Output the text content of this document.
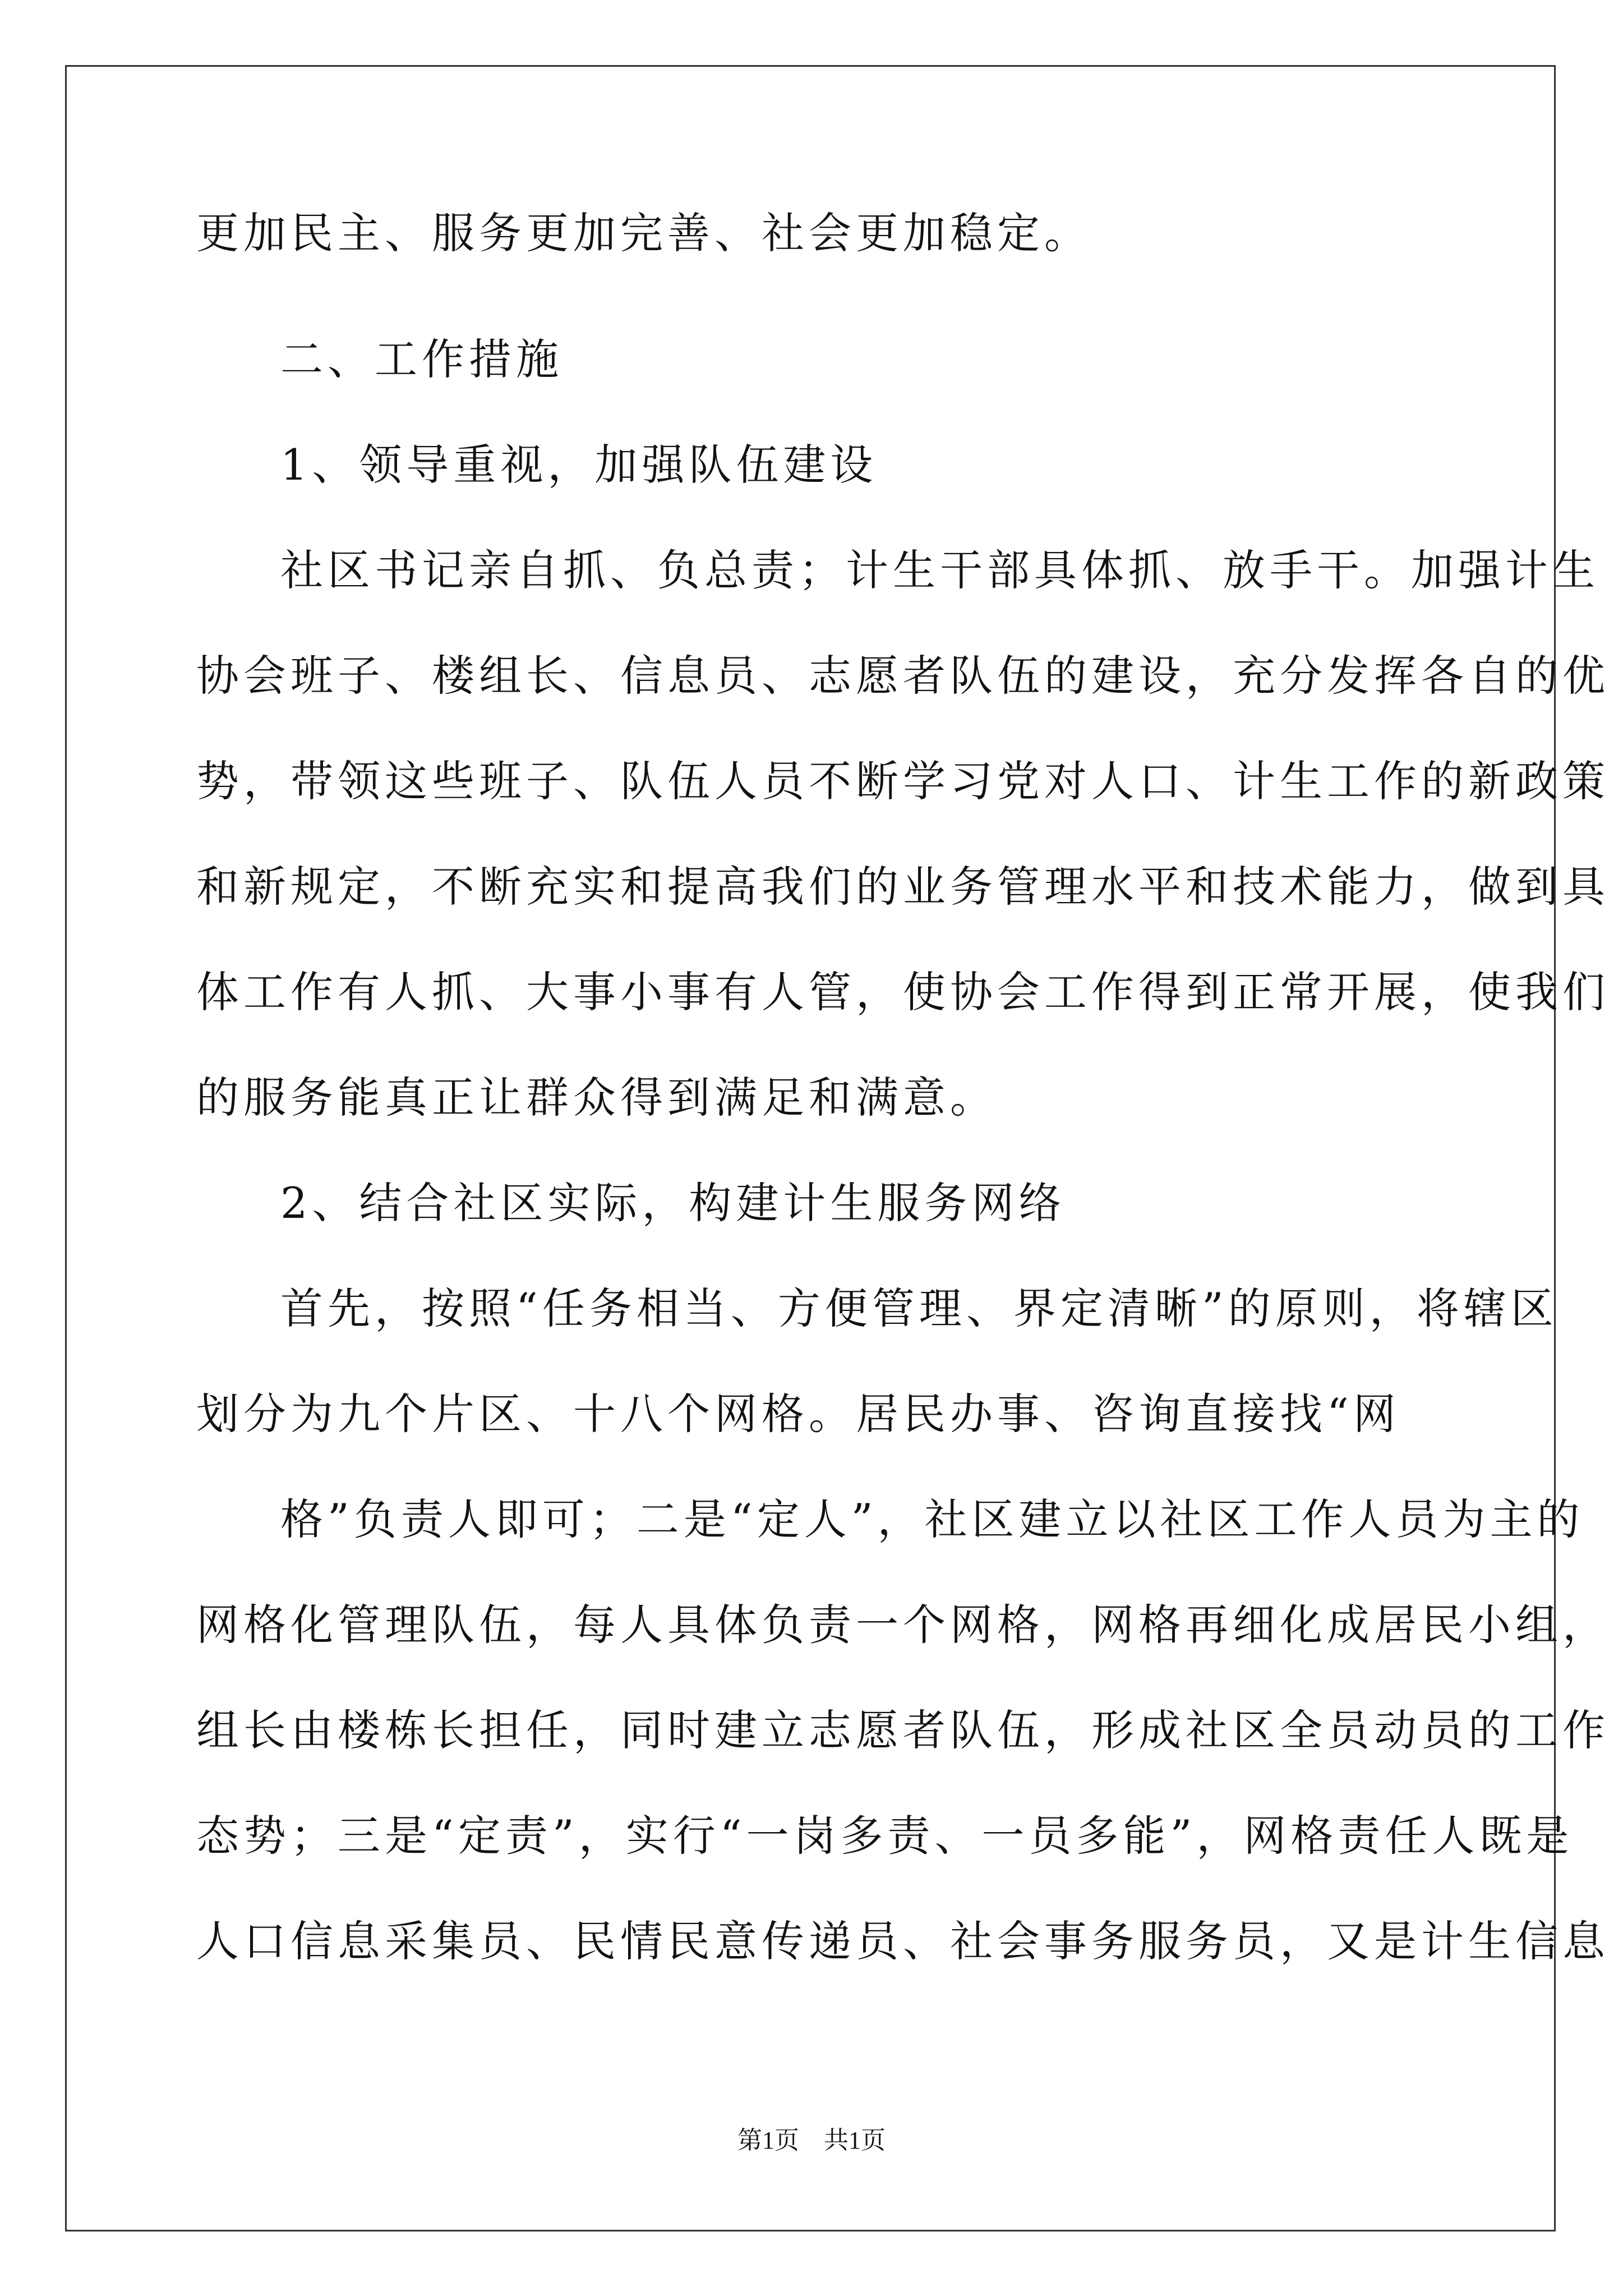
更加民主、服务更加完善、社会更加稳定。
二、工作措施
1、领导重视，加强队伍建设
社区书记亲自抓、负总责；计生干部具体抓、放手干。加强计生
协会班子、楼组长、信息员、志愿者队伍的建设，充分发挥各自的优
势，带领这些班子、队伍人员不断学习党对人口、计生工作的新政策
和新规定，不断充实和提高我们的业务管理水平和技术能力，做到具
体工作有人抓、大事小事有人管，使协会工作得到正常开展，使我们
的服务能真正让群众得到满足和满意。
2、结合社区实际，构建计生服务网络
首先，按照“任务相当、方便管理、界定清晰”的原则，将辖区
划分为九个片区、十八个网格。居民办事、咨询直接找“网
格”负责人即可；二是“定人”，社区建立以社区工作人员为主的
网格化管理队伍，每人具体负责一个网格，网格再细化成居民小组，
组长由楼栋长担任，同时建立志愿者队伍，形成社区全员动员的工作
态势；三是“定责”，实行“一岗多责、一员多能”，网格责任人既是
人口信息采集员、民情民意传递员、社会事务服务员，又是计生信息
第1页　共1页
